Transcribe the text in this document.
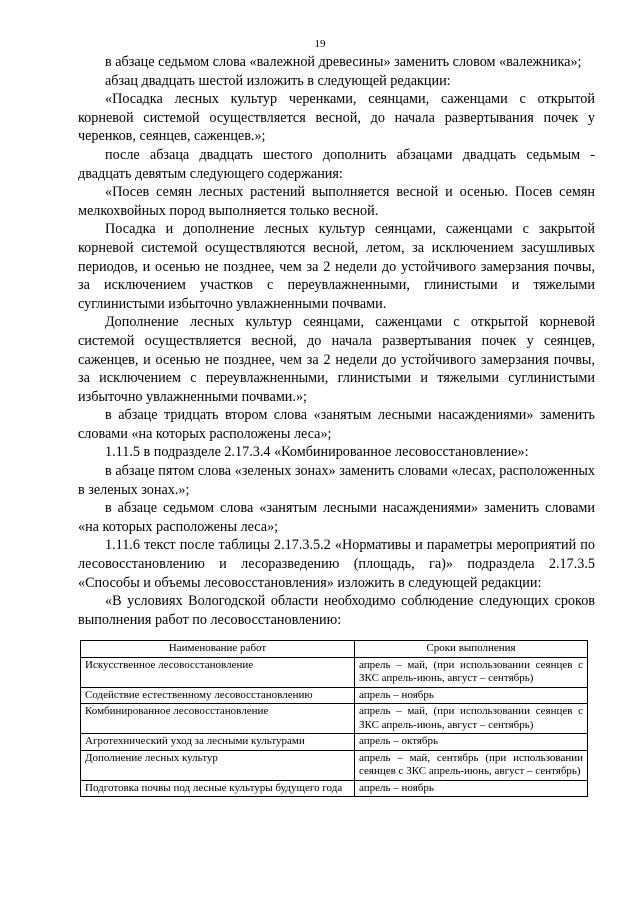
19

в абзаце седьмом слова «валежной древесины» заменить словом «валежника»;

абзац двадцать шестой изложить в следующей редакции:

«Посадка лесных культур черенками, сеянцами, саженцами с открытой корневой системой осуществляется весной, до начала развертывания почек у черенков, сеянцев, саженцев.»;

после абзаца двадцать шестого дополнить абзацами двадцать седьмым - двадцать девятым следующего содержания:

«Посев семян лесных растений выполняется весной и осенью. Посев семян мелкохвойных пород выполняется только весной.

Посадка и дополнение лесных культур сеянцами, саженцами с закрытой корневой системой осуществляются весной, летом, за исключением засушливых периодов, и осенью не позднее, чем за 2 недели до устойчивого замерзания почвы, за исключением участков с переувлажненными, глинистыми и тяжелыми суглинистыми избыточно увлажненными почвами.

Дополнение лесных культур сеянцами, саженцами с открытой корневой системой осуществляется весной, до начала развертывания почек у сеянцев, саженцев, и осенью не позднее, чем за 2 недели до устойчивого замерзания почвы, за исключением с переувлажненными, глинистыми и тяжелыми суглинистыми избыточно увлажненными почвами.»;

в абзаце тридцать втором слова «занятым лесными насаждениями» заменить словами «на которых расположены леса»;

1.11.5 в подразделе 2.17.3.4 «Комбинированное лесовосстановление»:

в абзаце пятом слова «зеленых зонах» заменить словами «лесах, расположенных в зеленых зонах.»;

в абзаце седьмом слова «занятым лесными насаждениями» заменить словами «на которых расположены леса»;

1.11.6 текст после таблицы 2.17.3.5.2 «Нормативы и параметры мероприятий по лесовосстановлению и лесоразведению (площадь, га)» подраздела 2.17.3.5 «Способы и объемы лесовосстановления» изложить в следующей редакции:

«В условиях Вологодской области необходимо соблюдение следующих сроков выполнения работ по лесовосстановлению:

Наименование работ	Сроки выполнения
Искусственное лесовосстановление	апрель – май, (при использовании сеянцев с ЗКС апрель-июнь, август – сентябрь)
Содействие естественному лесовосстановлению	апрель – ноябрь
Комбинированное лесовосстановление	апрель – май, (при использовании сеянцев с ЗКС апрель-июнь, август – сентябрь)
Агротехнический уход за лесными культурами	апрель – октябрь
Дополнение лесных культур	апрель – май, сентябрь (при использовании сеянцев с ЗКС апрель-июнь, август – сентябрь)
Подготовка почвы под лесные культуры будущего года	апрель – ноябрь
